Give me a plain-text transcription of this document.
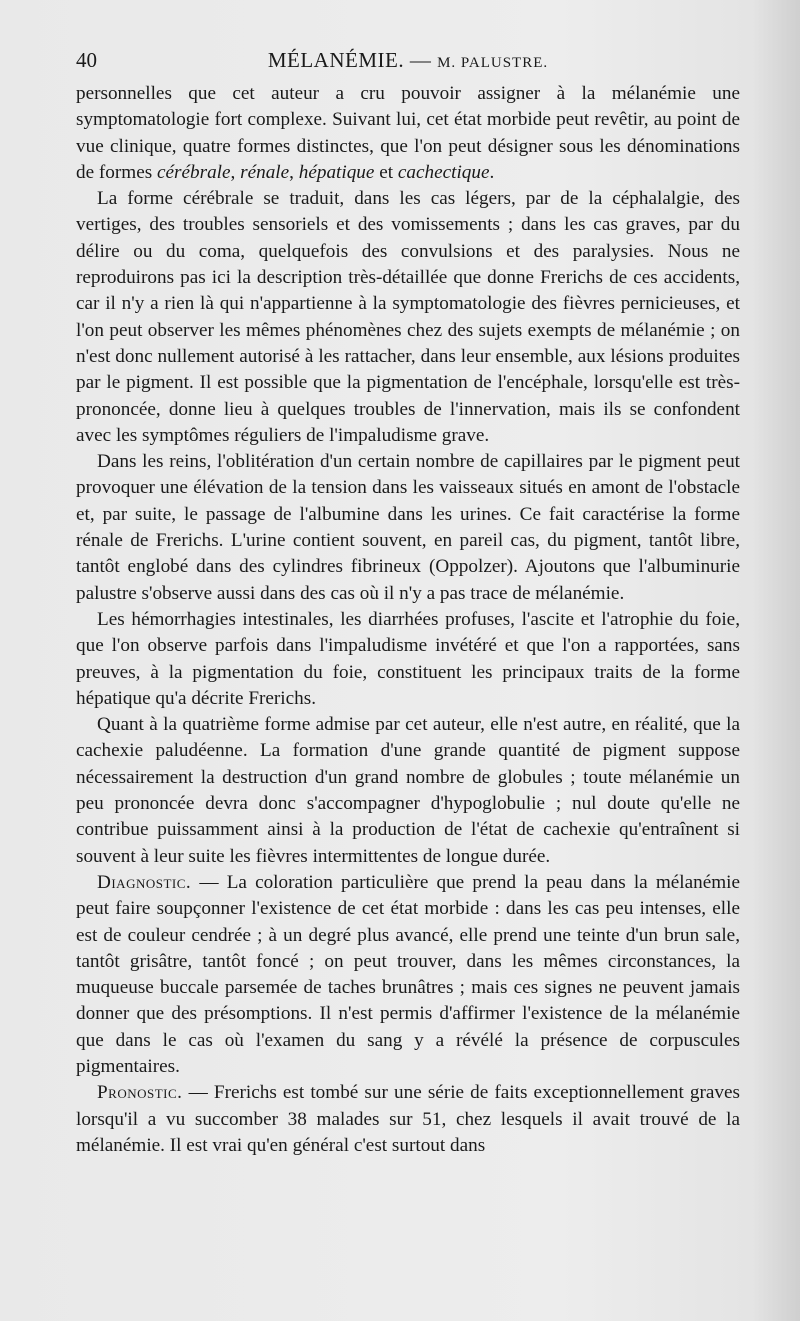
40	MÉLANÉMIE. — M. PALUSTRE.

personnelles que cet auteur a cru pouvoir assigner à la mélanémie une symptomatologie fort complexe. Suivant lui, cet état morbide peut revêtir, au point de vue clinique, quatre formes distinctes, que l'on peut désigner sous les dénominations de formes cérébrale, rénale, hépatique et cachectique.

La forme cérébrale se traduit, dans les cas légers, par de la céphalalgie, des vertiges, des troubles sensoriels et des vomissements ; dans les cas graves, par du délire ou du coma, quelquefois des convulsions et des paralysies. Nous ne reproduirons pas ici la description très-détaillée que donne Frerichs de ces accidents, car il n'y a rien là qui n'appartienne à la symptomatologie des fièvres pernicieuses, et l'on peut observer les mêmes phénomènes chez des sujets exempts de mélanémie ; on n'est donc nullement autorisé à les rattacher, dans leur ensemble, aux lésions produites par le pigment. Il est possible que la pigmentation de l'encéphale, lorsqu'elle est très-prononcée, donne lieu à quelques troubles de l'innervation, mais ils se confondent avec les symptômes réguliers de l'impaludisme grave.

Dans les reins, l'oblitération d'un certain nombre de capillaires par le pigment peut provoquer une élévation de la tension dans les vaisseaux situés en amont de l'obstacle et, par suite, le passage de l'albumine dans les urines. Ce fait caractérise la forme rénale de Frerichs. L'urine contient souvent, en pareil cas, du pigment, tantôt libre, tantôt englobé dans des cylindres fibrineux (Oppolzer). Ajoutons que l'albuminurie palustre s'observe aussi dans des cas où il n'y a pas trace de mélanémie.

Les hémorrhagies intestinales, les diarrhées profuses, l'ascite et l'atrophie du foie, que l'on observe parfois dans l'impaludisme invétéré et que l'on a rapportées, sans preuves, à la pigmentation du foie, constituent les principaux traits de la forme hépatique qu'a décrite Frerichs.

Quant à la quatrième forme admise par cet auteur, elle n'est autre, en réalité, que la cachexie paludéenne. La formation d'une grande quantité de pigment suppose nécessairement la destruction d'un grand nombre de globules ; toute mélanémie un peu prononcée devra donc s'accompagner d'hypoglobulie ; nul doute qu'elle ne contribue puissamment ainsi à la production de l'état de cachexie qu'entraînent si souvent à leur suite les fièvres intermittentes de longue durée.

Diagnostic. — La coloration particulière que prend la peau dans la mélanémie peut faire soupçonner l'existence de cet état morbide : dans les cas peu intenses, elle est de couleur cendrée ; à un degré plus avancé, elle prend une teinte d'un brun sale, tantôt grisâtre, tantôt foncé ; on peut trouver, dans les mêmes circonstances, la muqueuse buccale parsemée de taches brunâtres ; mais ces signes ne peuvent jamais donner que des présomptions. Il n'est permis d'affirmer l'existence de la mélanémie que dans le cas où l'examen du sang y a révélé la présence de corpuscules pigmentaires.

Pronostic. — Frerichs est tombé sur une série de faits exceptionnellement graves lorsqu'il a vu succomber 38 malades sur 51, chez lesquels il avait trouvé de la mélanémie. Il est vrai qu'en général c'est surtout dans
